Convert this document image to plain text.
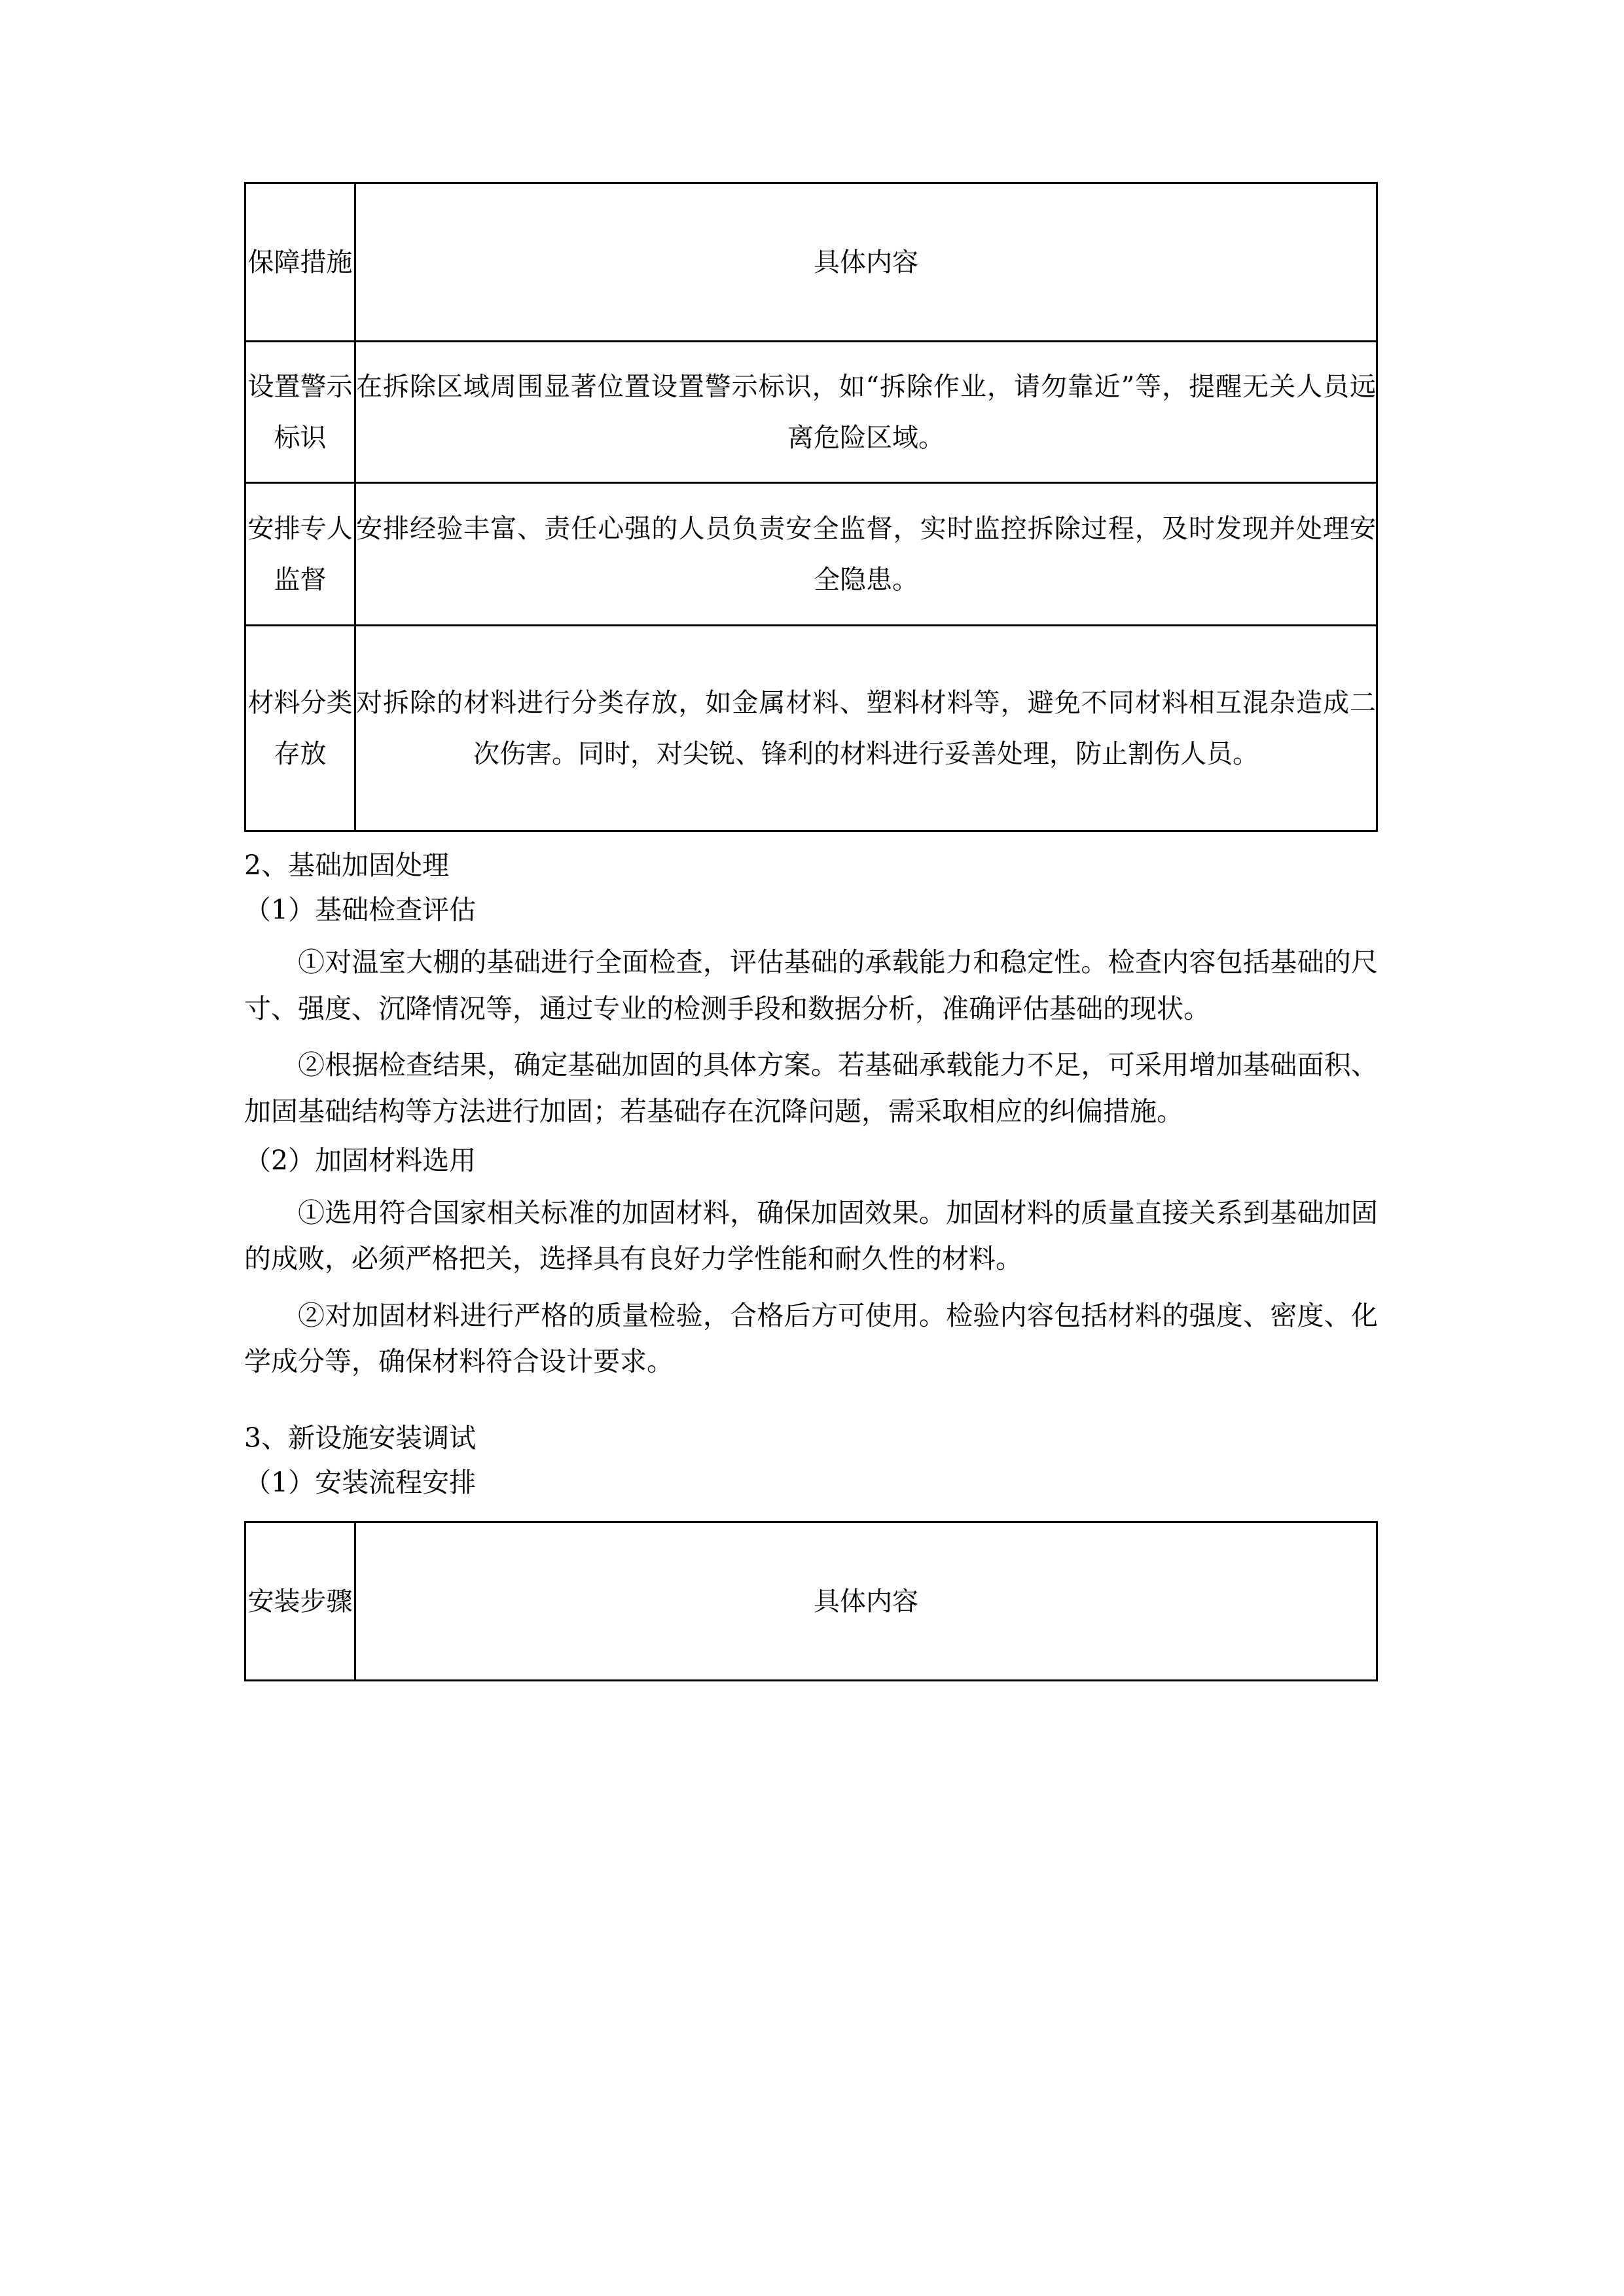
保障措施	具体内容
设置警示标识	在拆除区域周围显著位置设置警示标识，如“拆除作业，请勿靠近”等，提醒无关人员远离危险区域。
安排专人监督	安排经验丰富、责任心强的人员负责安全监督，实时监控拆除过程，及时发现并处理安全隐患。
材料分类存放	对拆除的材料进行分类存放，如金属材料、塑料材料等，避免不同材料相互混杂造成二次伤害。同时，对尖锐、锋利的材料进行妥善处理，防止割伤人员。

2、基础加固处理

（1）基础检查评估

①对温室大棚的基础进行全面检查，评估基础的承载能力和稳定性。检查内容包括基础的尺寸、强度、沉降情况等，通过专业的检测手段和数据分析，准确评估基础的现状。

②根据检查结果，确定基础加固的具体方案。若基础承载能力不足，可采用增加基础面积、加固基础结构等方法进行加固；若基础存在沉降问题，需采取相应的纠偏措施。

（2）加固材料选用

①选用符合国家相关标准的加固材料，确保加固效果。加固材料的质量直接关系到基础加固的成败，必须严格把关，选择具有良好力学性能和耐久性的材料。

②对加固材料进行严格的质量检验，合格后方可使用。检验内容包括材料的强度、密度、化学成分等，确保材料符合设计要求。

3、新设施安装调试

（1）安装流程安排

安装步骤	具体内容
